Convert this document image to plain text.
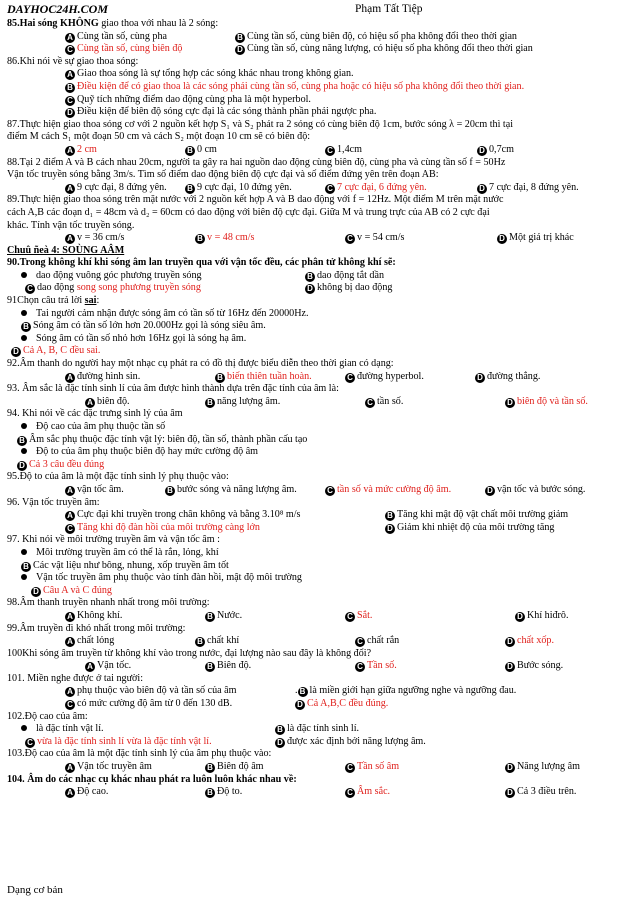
DAYHOC24H.COM	Phạm Tất Tiệp
85.Hai sóng KHÔNG giao thoa với nhau là 2 sóng:
A Cùng tần số, cùng pha	B Cùng tần số, cùng biên độ, có hiệu số pha không đổi theo thời gian
C Cùng tần số, cùng biên độ	D Cùng tần số, cùng năng lượng, có hiệu số pha không đổi theo thời gian
86.Khi nói về sự giao thoa sóng:
A Giao thoa sóng là sự tổng hợp các sóng khác nhau trong không gian.
B Điều kiện để có giao thoa là các sóng phải cùng tần số, cùng pha hoặc có hiệu số pha không đổi theo thời gian.
C Quỹ tích những điểm dao động cùng pha là một hyperbol.
D Điều kiện để biên độ sóng cực đại là các sóng thành phần phải ngược pha.
87.Thực hiện giao thoa sóng cơ với 2 nguồn kết hợp S₁ và S₂ phát ra 2 sóng có cùng biên độ 1cm, bước sóng λ = 20cm thì tại
điểm M cách S₁ một đoạn 50 cm và cách S₂ một đoạn 10 cm sẽ có biên độ:
A 2 cm	B 0 cm	C 1,4cm	D 0,7cm
88.Tại 2 điểm A và B cách nhau 20cm, người ta gây ra hai nguồn dao động cùng biên độ, cùng pha và cùng tần số f = 50Hz
Vận tốc truyền sóng bằng 3m/s. Tìm số điểm dao động biên độ cực đại và số điểm đứng yên trên đoạn AB:
A 9 cực đại, 8 đứng yên.	B 9 cực đại, 10 đứng yên.	C 7 cực đại, 6 đứng yên.	D 7 cực đại, 8 đứng yên.
89.Thực hiện giao thoa sóng trên mặt nước với 2 nguồn kết hợp A và B dao động với f = 12Hz. Một điểm M trên mặt nước
cách A,B các đoạn d₁ = 48cm và d₂ = 60cm có dao động với biên độ cực đại. Giữa M và trung trực của AB có 2 cực đại
khác. Tính vận tốc truyền sóng.
A v = 36 cm/s	B v = 48 cm/s	C v = 54 cm/s	D Một giá trị khác
Chuû ñeà 4: SOÙNG AÂM
90.Trong không khí khi sóng âm lan truyền qua với vận tốc đều, các phân tử không khí sẽ:
dao động vuông góc phương truyền sóng	B dao động tắt dần
C dao động song song phương truyền sóng	D không bị dao động
91Chọn câu trả lời sai:
Tai người cảm nhận được sóng âm có tần số từ 16Hz đến 20000Hz.
B Sóng âm có tần số lớn hơn 20.000Hz gọi là sóng siêu âm.
Sóng âm có tần số nhỏ hơn 16Hz gọi là sóng hạ âm.
D Cả A, B, C đều sai.
92.Âm thanh do người hay một nhạc cụ phát ra có đồ thị được biểu diễn theo thời gian có dạng:
A đường hình sin.	B biến thiên tuần hoàn.	C đường hyperbol.	D đường thẳng.
93. Âm sắc là đặc tính sinh lí của âm được hình thành dựa trên đặc tính của âm là:
A biên độ.	B năng lượng âm.	C tần số.	D biên độ và tần số.
94. Khi nói về các đặc trưng sinh lý của âm
Độ cao của âm phụ thuộc tần số
B Âm sắc phụ thuộc đặc tính vật lý: biên độ, tần số, thành phần cấu tạo
Độ to của âm phụ thuộc biên độ hay mức cường độ âm
D Cả 3 câu đều đúng
95.Độ to của âm là một đặc tính sinh lý phụ thuộc vào:
A vận tốc âm.	B bước sóng và năng lượng âm.	C tần số và mức cường độ âm.	D vận tốc và bước sóng.
96. Vận tốc truyền âm:
A Cực đại khi truyền trong chân không và bằng 3.10⁸ m/s	B Tăng khi mật độ vật chất môi trường giảm
C Tăng khi độ đàn hồi của môi trường càng lớn	D Giảm khi nhiệt độ của môi trường tăng
97. Khi nói về môi trường truyền âm và vận tốc âm :
Môi trường truyền âm có thể là rắn, lỏng, khí
B Các vật liệu như bông, nhung, xốp truyền âm tốt
Vận tốc truyền âm phụ thuộc vào tính đàn hồi, mật độ môi trường
D Câu A và C đúng
98.Âm thanh truyền nhanh nhất trong môi trường:
A Không khí.	B Nước.	C Sắt.	D Khí hiđrô.
99.Âm truyền đi khó nhất trong môi trường:
A chất lỏng	B chất khí	C chất rắn	D chất xốp.
100Khi sóng âm truyền từ không khí vào trong nước, đại lượng nào sau đây là không đổi?
A Vận tốc.	B Biên độ.	C Tần số.	D Bước sóng.
101. Miền nghe được ở tai người:
A phụ thuộc vào biên độ và tần số của âm	. B là miền giới hạn giữa ngưỡng nghe và ngưỡng đau.
C có mức cường độ âm từ 0 đến 130 dB.	D Cả A,B,C đều đúng.
102.Độ cao của âm:
là đặc tính vật lí.	B là đặc tính sinh lí.
C vừa là đặc tính sinh lí vừa là đặc tính vật lí.	D được xác định bởi năng lượng âm.
103.Độ cao của âm là một đặc tính sinh lý của âm phụ thuộc vào:
A Vận tốc truyền âm	B Biên độ âm	C Tần số âm	D Năng lượng âm
104. Âm do các nhạc cụ khác nhau phát ra luôn luôn khác nhau về:
A Độ cao.	B Độ to.	C Âm sắc.	D Cả 3 điều trên.
Dạng cơ bản
